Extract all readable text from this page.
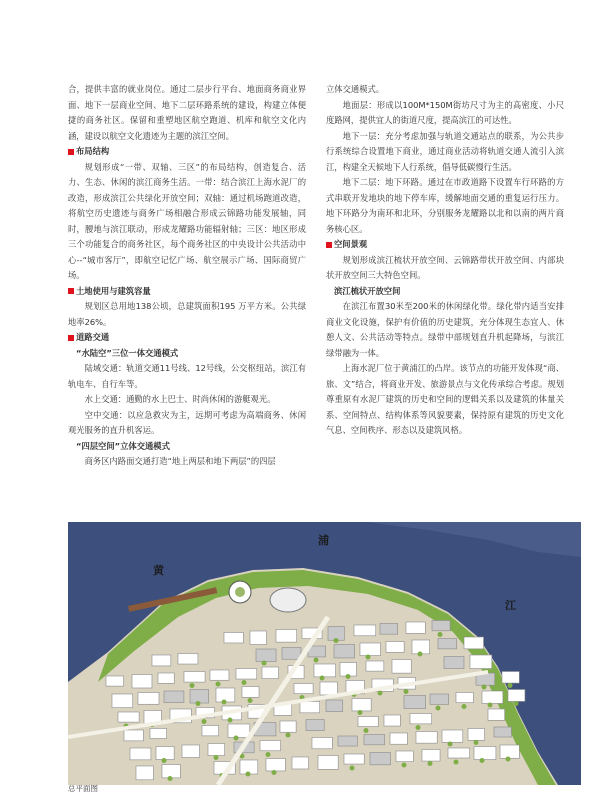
合，提供丰富的就业岗位。通过二层步行平台、地面商务商业界面、地下一层商业空间、地下二层环路系统的建设，构建立体便捷的商务社区。保留和重塑地区航空跑道、机库和航空文化内涵，建设以航空文化遗迹为主题的滨江空间。

布局结构

规划形成“一带、双轴、三区”的布局结构，创造复合、活力、生态、休闲的滨江商务生活。一带：结合滨江上海水泥厂的改造，形成滨江公共绿化开放空间；双轴：通过机场跑道改造，将航空历史遗迹与商务广场相融合形成云锦路功能发展轴，同时，腰地与滨江联动，形成龙耀路功能辐射轴；三区：地区形成三个功能复合的商务社区，每个商务社区的中央设计公共活动中心--“城市客厅”，即航空记忆广场、航空展示广场、国际商贸广场。

土地使用与建筑容量

规划区总用地138公顷，总建筑面积195 万平方米。公共绿地率26%。

道路交通

“水陆空”三位一体交通模式

陆域交通：轨道交通11号线、12号线，公交枢纽站，滨江有轨电车、自行车等。

水上交通：通勤的水上巴士、时尚休闲的游艇观光。

空中交通：以应急救灾为主，远期可考虑为高端商务、休闲观光服务的直升机客运。

“四层空间”立体交通模式

商务区内路面交通打造“地上两层和地下两层”的四层

立体交通模式。

地面层：形成以100M*150M街坊尺寸为主的高密度、小尺度路网，提供宜人的街道尺度，提高滨江的可达性。

地下一层：充分考虑加强与轨道交通站点的联系，为公共步行系统综合设置地下商业，通过商业活动将轨道交通人流引入滨江，构建全天候地下人行系统，倡导低碳慢行生活。

地下二层：地下环路。通过在市政道路下设置车行环路的方式串联开发地块的地下停车库，缓解地面交通的重复运行压力。地下环路分为南环和北环，分别服务龙耀路以北和以南的两片商务核心区。

空间景观

规划形成滨江梳状开放空间、云锦路带状开放空间、内部块状开放空间三大特色空间。

滨江梳状开放空间

在滨江布置30米至200米的休闲绿化带。绿化带内适当安排商业文化设施，保护有价值的历史建筑，充分体现生态宜人、休憩人文、公共活动等特点。绿带中部规划直升机起降场，与滨江绿带融为一体。

上海水泥厂位于黄浦江的凸岸。该节点的功能开发体现“商、旅、文”结合，将商业开发、旅游景点与文化传承综合考虑。规划尊重原有水泥厂建筑的历史和空间的逻辑关系以及建筑的体量关系、空间特点、结构体系等风貌要素，保持原有建筑的历史文化气息、空间秩序、形态以及建筑风格。

黄
浦
江
总平面图
